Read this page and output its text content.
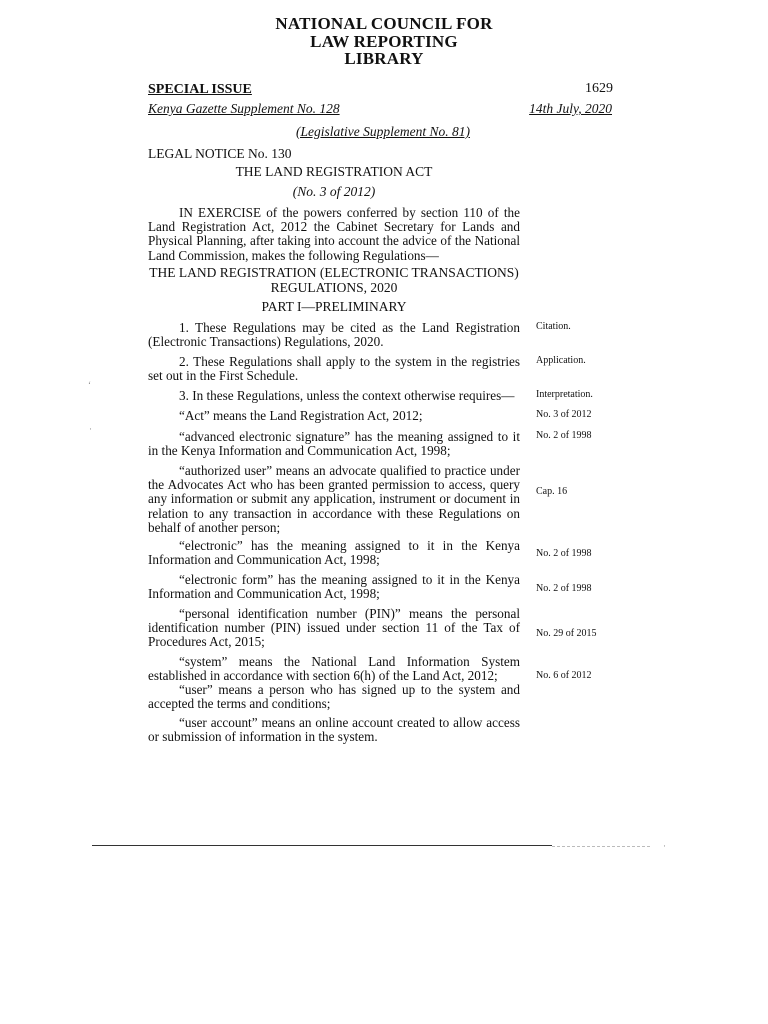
NATIONAL COUNCIL FOR
LAW REPORTING
LIBRARY
SPECIAL ISSUE	1629
Kenya Gazette Supplement No. 128	14th July, 2020
(Legislative Supplement No. 81)
LEGAL NOTICE No. 130
THE LAND REGISTRATION ACT
(No. 3 of 2012)
IN EXERCISE of the powers conferred by section 110 of the Land Registration Act, 2012 the Cabinet Secretary for Lands and Physical Planning, after taking into account the advice of the National Land Commission, makes the following Regulations—
THE LAND REGISTRATION (ELECTRONIC TRANSACTIONS)
REGULATIONS, 2020
PART I—PRELIMINARY
1. These Regulations may be cited as the Land Registration (Electronic Transactions) Regulations, 2020.
Citation.
2. These Regulations shall apply to the system in the registries set out in the First Schedule.
Application.
3. In these Regulations, unless the context otherwise requires—	Interpretation.
“Act” means the Land Registration Act, 2012;	No. 3 of 2012
“advanced electronic signature” has the meaning assigned to it in the Kenya Information and Communication Act, 1998;
No. 2 of 1998
“authorized user” means an advocate qualified to practice under the Advocates Act who has been granted permission to access, query any information or submit any application, instrument or document in relation to any transaction in accordance with these Regulations on behalf of another person;
Cap. 16
“electronic” has the meaning assigned to it in the Kenya Information and Communication Act, 1998;	No. 2 of 1998
“electronic form” has the meaning assigned to it in the Kenya Information and Communication Act, 1998;	No. 2 of 1998
“personal identification number (PIN)” means the personal identification number (PIN) issued under section 11 of the Tax of Procedures Act, 2015;
No. 29 of 2015
“system” means the National Land Information System established in accordance with section 6(h) of the Land Act, 2012;	No. 6 of 2012
“user” means a person who has signed up to the system and accepted the terms and conditions;
“user account” means an online account created to allow access or submission of information in the system.
‘
·
·
